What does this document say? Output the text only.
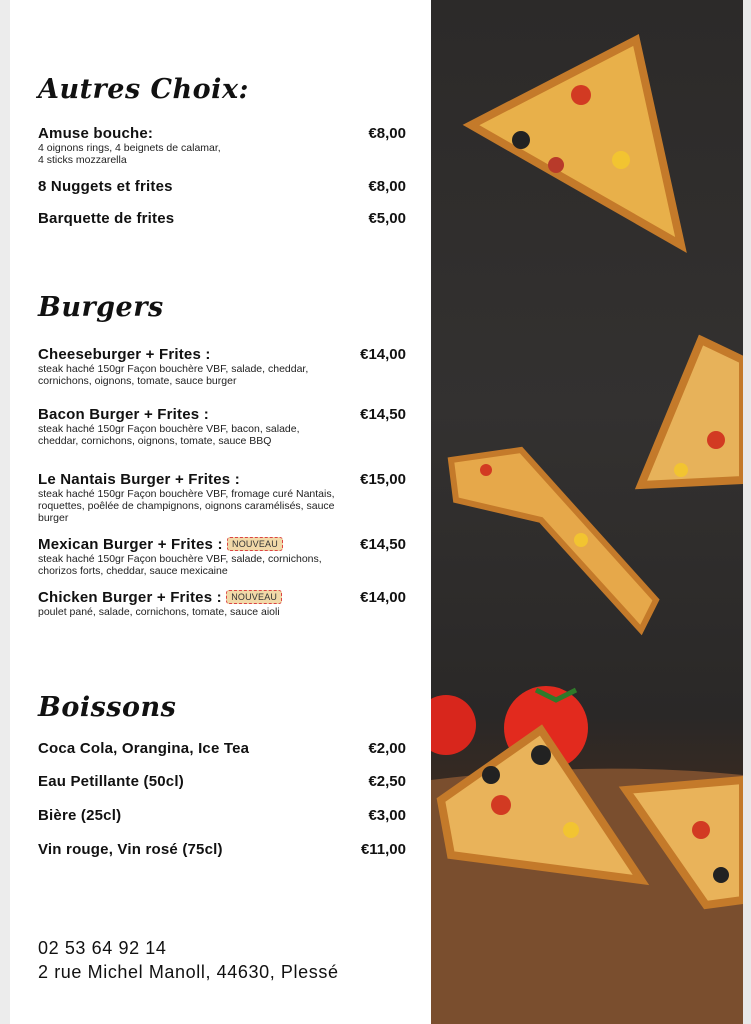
Autres Choix:
Amuse bouche:
4 oignons rings, 4 beignets de calamar,
4 sticks mozzarella
€8,00
8 Nuggets et frites	€8,00
Barquette de frites	€5,00
Burgers
Cheeseburger + Frites :
steak haché 150gr Façon bouchère VBF, salade, cheddar, cornichons, oignons, tomate, sauce burger
€14,00
Bacon Burger + Frites :
steak haché 150gr Façon bouchère VBF, bacon, salade, cheddar, cornichons, oignons, tomate, sauce BBQ
€14,50
Le Nantais Burger + Frites :
steak haché 150gr Façon bouchère VBF, fromage curé Nantais, roquettes, poêlée de champignons, oignons caramélisés, sauce burger
€15,00
Mexican Burger + Frites : NOUVEAU
steak haché 150gr Façon bouchère VBF, salade, cornichons, chorizos forts, cheddar, sauce mexicaine
€14,50
Chicken Burger + Frites : NOUVEAU
poulet pané, salade, cornichons, tomate, sauce aioli
€14,00
Boissons
Coca Cola, Orangina, Ice Tea	€2,00
Eau Petillante (50cl)	€2,50
Bière (25cl)	€3,00
Vin rouge, Vin rosé (75cl)	€11,00
02 53 64 92 14
2 rue Michel Manoll, 44630, Plessé
